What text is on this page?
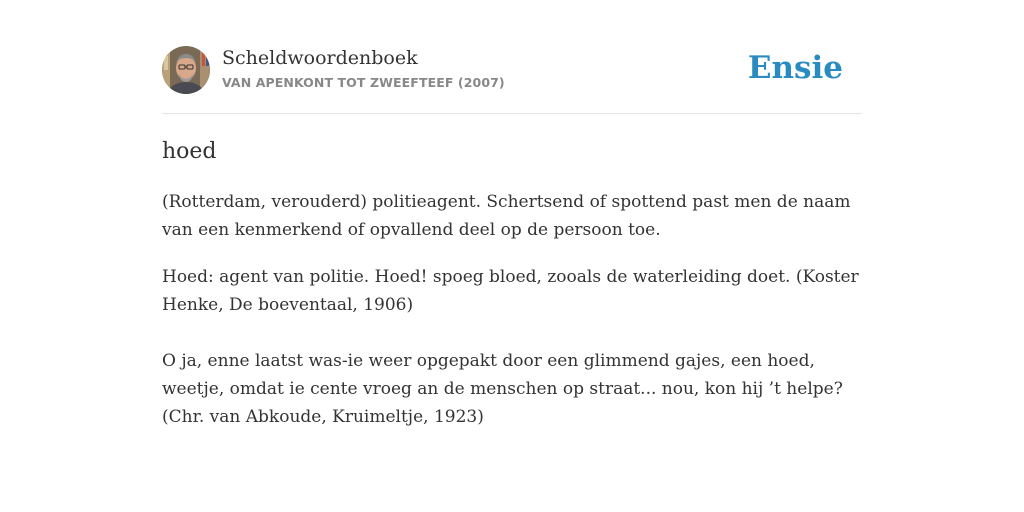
Scheldwoordenboek
VAN APENKONT TOT ZWEEFTEEF (2007)	Ensie
hoed

(Rotterdam, verouderd) politieagent. Schertsend of spottend past men de naam van een kenmerkend of opvallend deel op de persoon toe.

Hoed: agent van politie. Hoed! spoeg bloed, zooals de waterleiding doet. (Koster Henke, De boeventaal, 1906)

O ja, enne laatst was-ie weer opgepakt door een glimmend gajes, een hoed, weetje, omdat ie cente vroeg an de menschen op straat... nou, kon hij ’t helpe? (Chr. van Abkoude, Kruimeltje, 1923)
